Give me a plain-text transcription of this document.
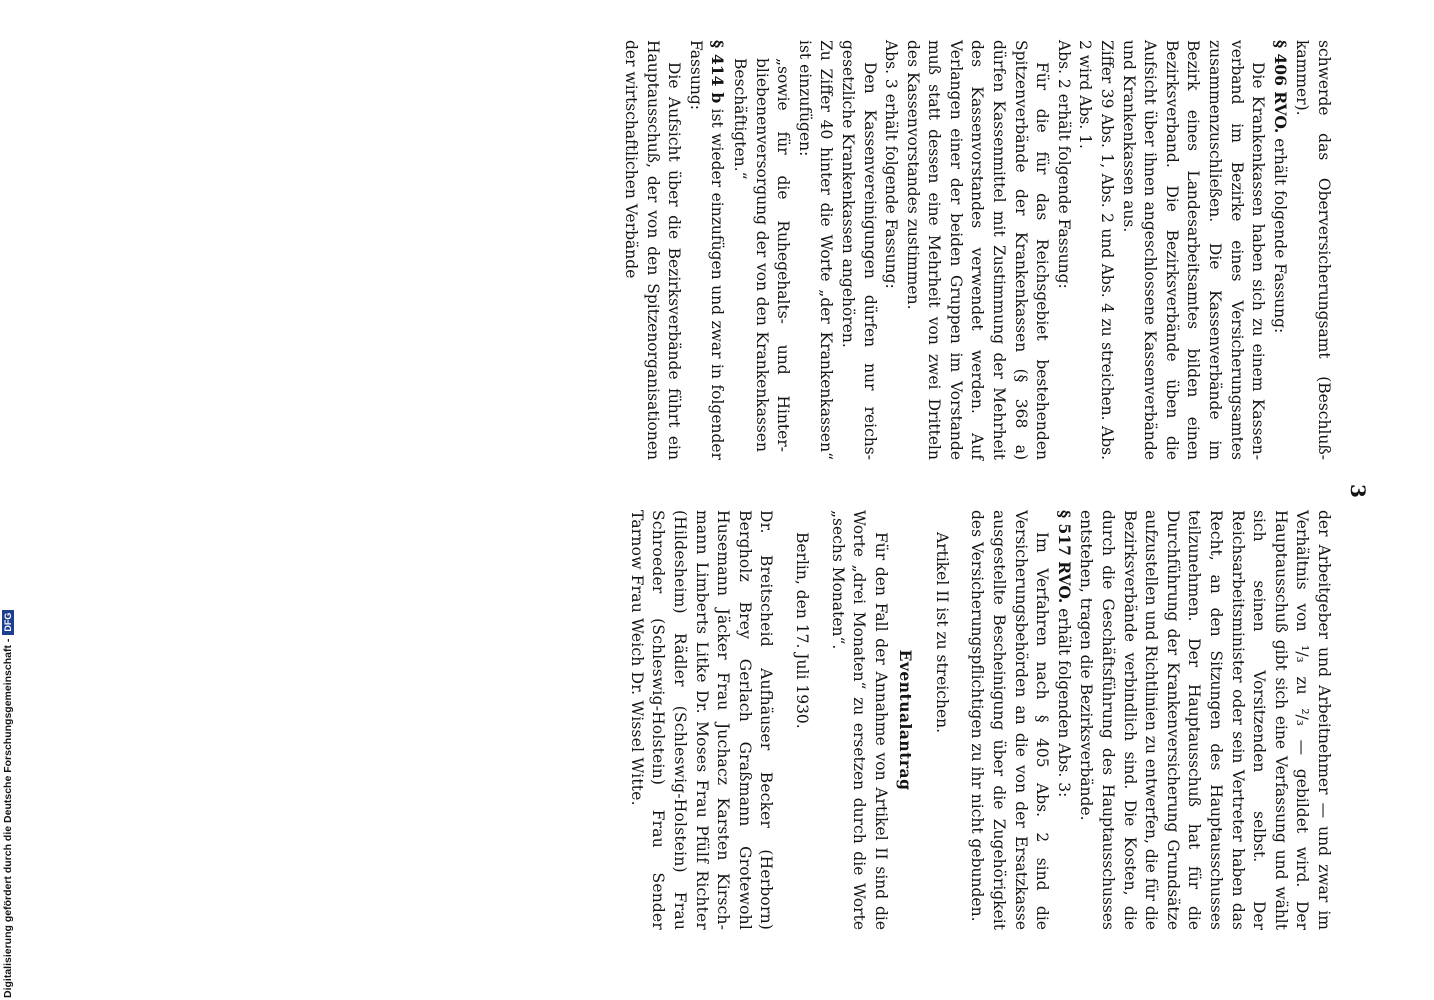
3

schwerde das Oberversicherungsamt (Beschlußkammer).

§ 406 RVO. erhält folgende Fassung:

Die Krankenkassen haben sich zu einem Kassenverband im Bezirke eines Versicherungsamtes zusammenzuschließen. Die Kassenverbände im Bezirk eines Landesarbeitsamtes bilden einen Bezirksverband. Die Bezirksverbände üben die Aufsicht über ihnen angeschlossene Kassenverbände und Krankenkassen aus.

Ziffer 39 Abs. 1, Abs. 2 und Abs. 4 zu streichen. Abs. 2 wird Abs. 1.

Abs. 2 erhält folgende Fassung:

Für die für das Reichsgebiet bestehenden Spitzenverbände der Krankenkassen (§ 368 a) dürfen Kassenmittel mit Zustimmung der Mehrheit des Kassenvorstandes verwendet werden. Auf Verlangen einer der beiden Gruppen im Vorstande muß statt dessen eine Mehrheit von zwei Dritteln des Kassenvorstandes zustimmen.

Abs. 3 erhält folgende Fassung:

Den Kassenvereinigungen dürfen nur reichsgesetzliche Krankenkassen angehören.

Zu Ziffer 40 hinter die Worte „der Krankenkassen“ ist einzufügen:

„sowie für die Ruhegehalts- und Hinterbliebenenversorgung der von den Krankenkassen Beschäftigten.“

§ 414 b ist wieder einzufügen und zwar in folgender Fassung:

Die Aufsicht über die Bezirksverbände führt ein Hauptausschuß, der von den Spitzenorganisationen der wirtschaftlichen Verbände

der Arbeitgeber und Arbeitnehmer — und zwar im Verhältnis von ¹/₃ zu ²/₃ — gebildet wird. Der Hauptausschuß gibt sich eine Verfassung und wählt sich seinen Vorsitzenden selbst. Der Reichsarbeitsminister oder sein Vertreter haben das Recht, an den Sitzungen des Hauptausschusses teilzunehmen. Der Hauptausschuß hat für die Durchführung der Krankenversicherung Grundsätze aufzustellen und Richtlinien zu entwerfen, die für die Bezirksverbände verbindlich sind. Die Kosten, die durch die Geschäftsführung des Hauptausschusses entstehen, tragen die Bezirksverbände.

§ 517 RVO. erhält folgenden Abs. 3:

Im Verfahren nach § 405 Abs. 2 sind die Versicherungsbehörden an die von der Ersatzkasse ausgestellte Bescheinigung über die Zugehörigkeit des Versicherungspflichtigen zu ihr nicht gebunden.

Artikel II ist zu streichen.

Eventualantrag

Für den Fall der Annahme von Artikel II sind die Worte „drei Monaten“ zu ersetzen durch die Worte „sechs Monaten“.

Berlin, den 17. Juli 1930.

Dr. Breitscheid Aufhäuser Becker (Herborn) Bergholz Brey Gerlach Graßmann Grotewohl Husemann Jäcker Frau Juchacz Karsten Kirschmann Limberts Litke Dr. Moses Frau Pfülf Richter (Hildesheim) Rädler (Schleswig-Holstein) Frau Schroeder (Schleswig-Holstein) Frau Sender Tarnow Frau Weich Dr. Wissel Witte.

Digitalisierung gefördert durch die Deutsche Forschungsgemeinschaft -DFG
